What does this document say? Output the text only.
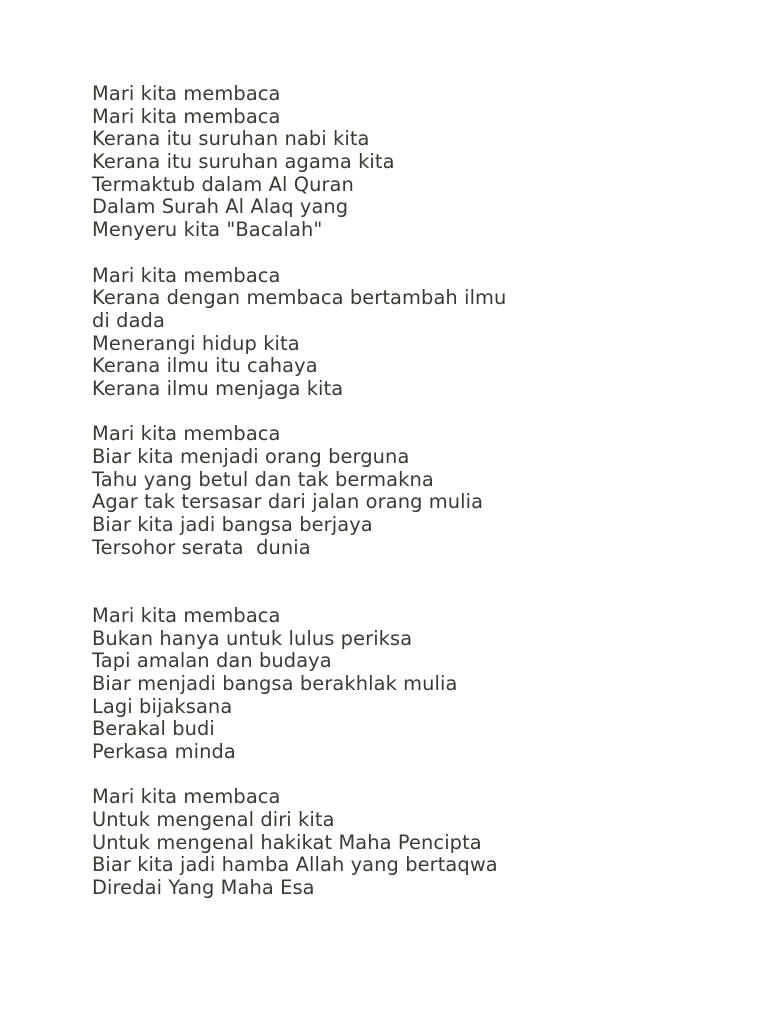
Mari kita membaca
Mari kita membaca
Kerana itu suruhan nabi kita
Kerana itu suruhan agama kita
Termaktub dalam Al Quran
Dalam Surah Al Alaq yang
Menyeru kita "Bacalah"
Mari kita membaca
Kerana dengan membaca bertambah ilmu
di dada
Menerangi hidup kita
Kerana ilmu itu cahaya
Kerana ilmu menjaga kita
Mari kita membaca
Biar kita menjadi orang berguna
Tahu yang betul dan tak bermakna
Agar tak tersasar dari jalan orang mulia
Biar kita jadi bangsa berjaya
Tersohor serata  dunia
Mari kita membaca
Bukan hanya untuk lulus periksa
Tapi amalan dan budaya
Biar menjadi bangsa berakhlak mulia
Lagi bijaksana
Berakal budi
Perkasa minda
Mari kita membaca
Untuk mengenal diri kita
Untuk mengenal hakikat Maha Pencipta
Biar kita jadi hamba Allah yang bertaqwa
Diredai Yang Maha Esa
